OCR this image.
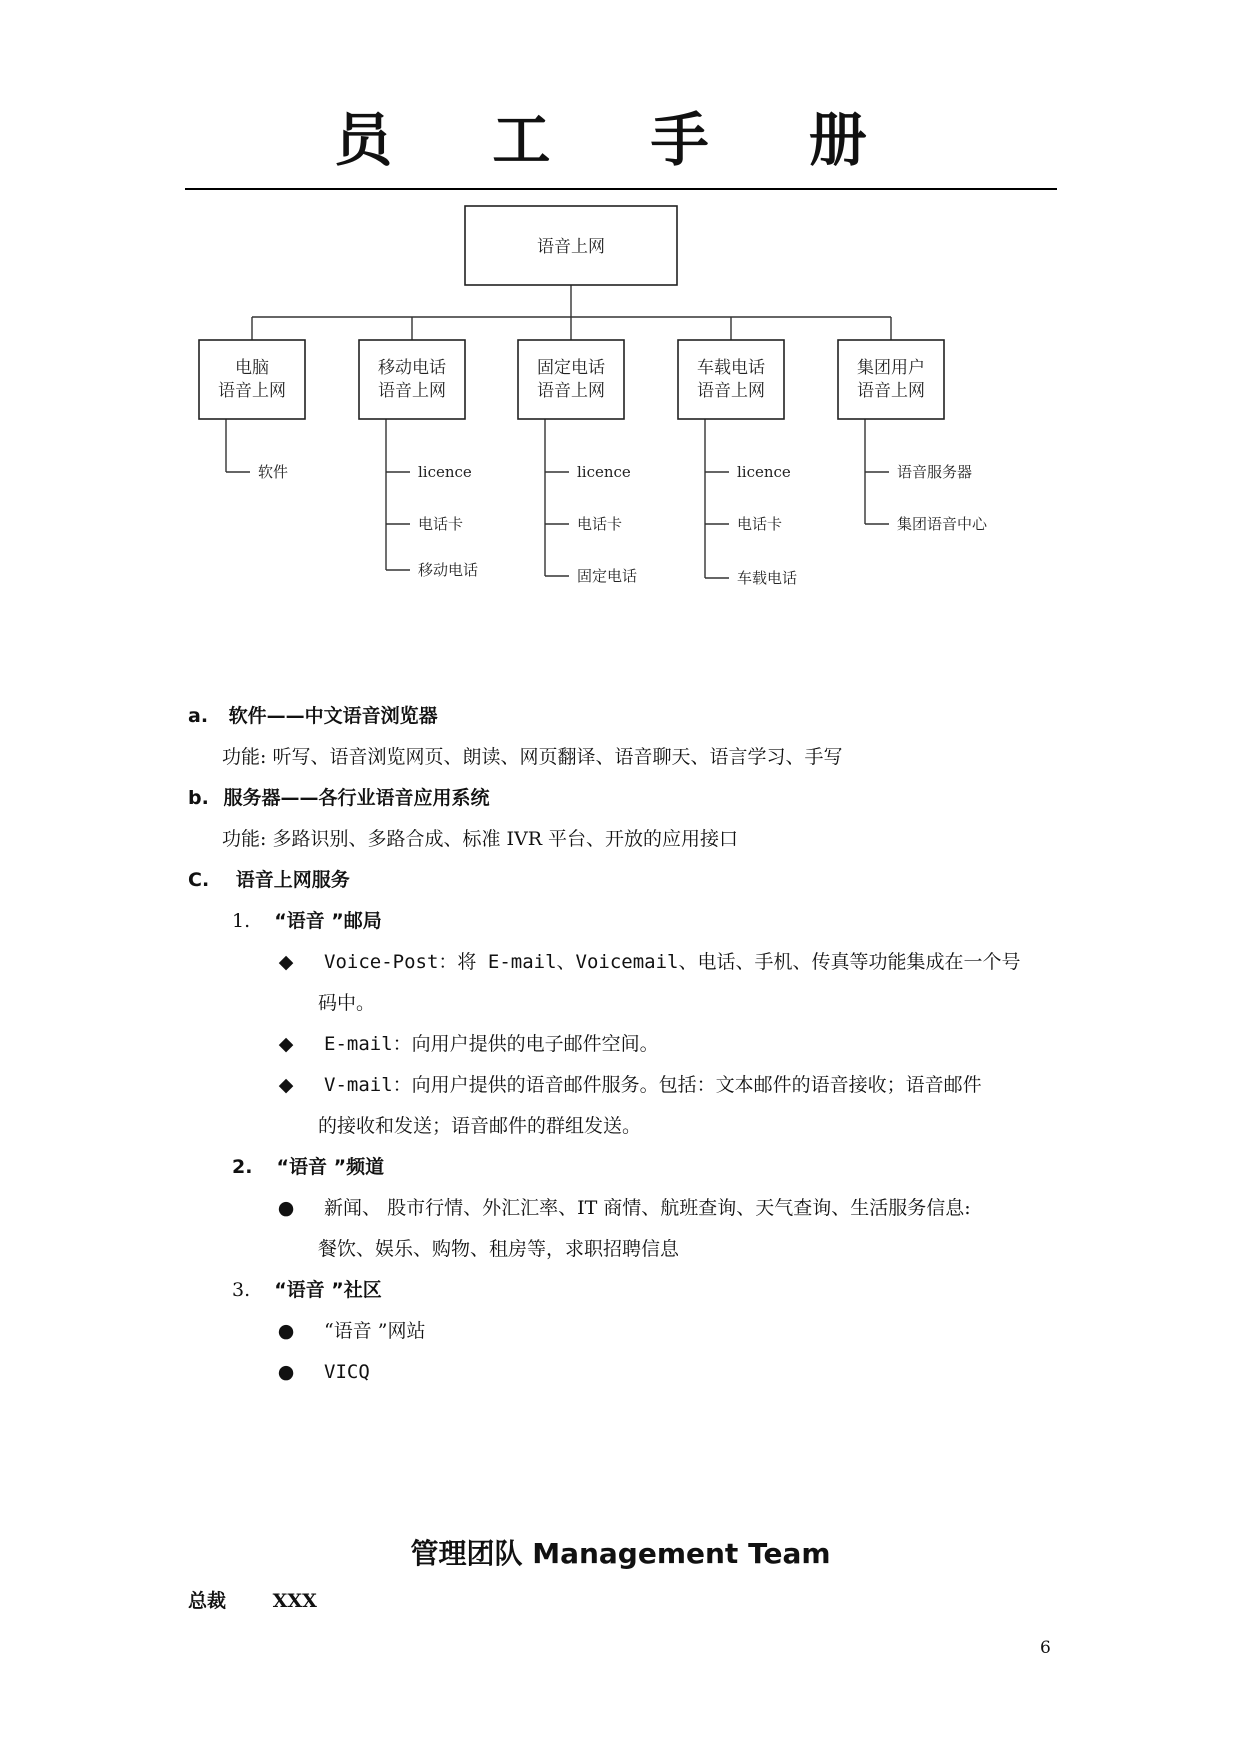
员 工 手 册
语音上网
电脑
语音上网
软件
移动电话
语音上网
licence
电话卡
移动电话
固定电话
语音上网
licence
电话卡
固定电话
车载电话
语音上网
licence
电话卡
车载电话
集团用户
语音上网
语音服务器
集团语音中心
a. 软件——中文语音浏览器
功能: 听写、语音浏览网页、朗读、网页翻译、语音聊天、语言学习、手写
b. 服务器——各行业语音应用系统
功能: 多路识别、多路合成、标准 IVR 平台、开放的应用接口
C. 语音上网服务
1. “语音 ”邮局
◆ Voice-Post：将 E-mail、Voicemail、电话、手机、传真等功能集成在一个号
码中。
◆ E-mail：向用户提供的电子邮件空间。
◆ V-mail：向用户提供的语音邮件服务。包括：文本邮件的语音接收；语音邮件
的接收和发送；语音邮件的群组发送。
2. “语音 ”频道
● 新闻、 股市行情、外汇汇率、IT 商情、航班查询、天气查询、生活服务信息:
餐饮、娱乐、购物、租房等，求职招聘信息
3. “语音 ”社区
● “语音 ”网站
● VICQ
管理团队 Management Team
总裁 XXX
6
